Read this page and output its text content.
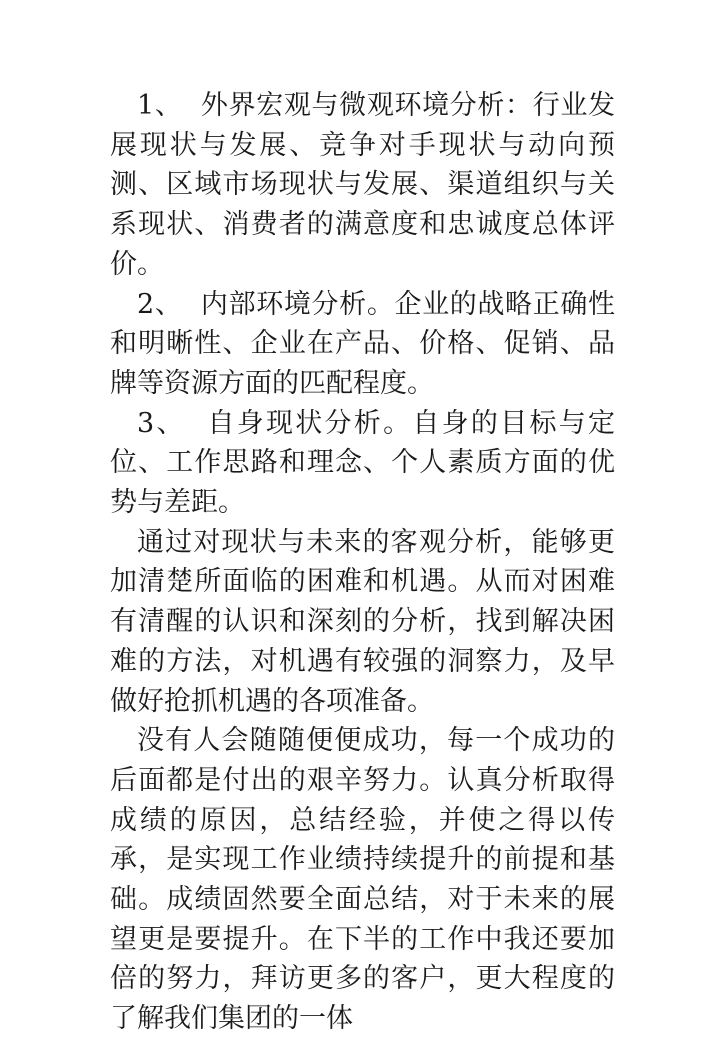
1、  外界宏观与微观环境分析：行业发展现状与发展、竞争对手现状与动向预测、区域市场现状与发展、渠道组织与关系现状、消费者的满意度和忠诚度总体评价。

2、  内部环境分析。企业的战略正确性和明晰性、企业在产品、价格、促销、品牌等资源方面的匹配程度。

3、  自身现状分析。自身的目标与定位、工作思路和理念、个人素质方面的优势与差距。

通过对现状与未来的客观分析，能够更加清楚所面临的困难和机遇。从而对困难有清醒的认识和深刻的分析，找到解决困难的方法，对机遇有较强的洞察力，及早做好抢抓机遇的各项准备。

没有人会随随便便成功，每一个成功的后面都是付出的艰辛努力。认真分析取得成绩的原因，总结经验，并使之得以传承，是实现工作业绩持续提升的前提和基础。成绩固然要全面总结，对于未来的展望更是要提升。在下半的工作中我还要加倍的努力，拜访更多的客户，更大程度的了解我们集团的一体
